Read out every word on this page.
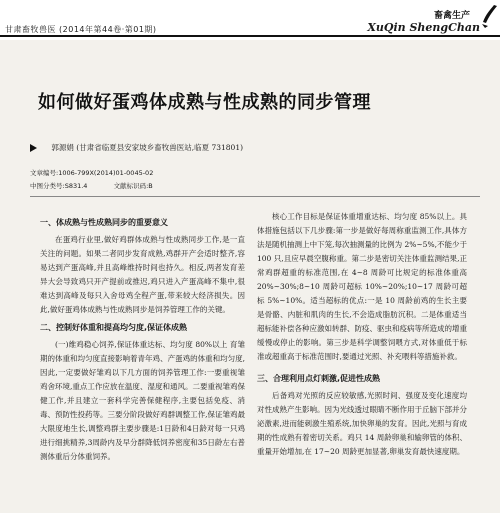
甘肃畜牧兽医 (2014年第44卷·第01期)
畜禽生产
XuQin ShengChan
如何做好蛋鸡体成熟与性成熟的同步管理
郭源娟 (甘肃省临夏县安家坡乡畜牧兽医站,临夏 731801)
文章编号:1006-799X(2014)01-0045-02
中图分类号:S831.4	文献标识码:B
一、体成熟与性成熟同步的重要意义

在蛋鸡行业里,做好鸡群体成熟与性成熟同步工作,是一直关注的问题。如果二者同步发育成熟,鸡群开产会适时整齐,容易达到产蛋高峰,并且高峰维持时间也持久。相反,两者发育差异大会导致鸡只开产提前或推迟,鸡只进入产蛋高峰不集中,很难达到高峰及每只入舍母鸡全程产蛋,带来较大经济损失。因此,做好蛋鸡体成熟与性成熟同步是饲养管理工作的关键。

二、控制好体重和提高均匀度,保证体成熟

(一)维鸡稳心饲养,保证体重达标、均匀度 80%以上 育雏期的体重和均匀度直接影响着青年鸡、产蛋鸡的体重和均匀度,因此,一定要做好雏鸡以下几方面的饲养管理工作:一要重视雏鸡舍环境,重点工作应放在温度、湿度和通风。二要重视雏鸡保健工作,并且建立一套科学完善保健程序,主要包括免疫、消毒、预防性投药等。三要分阶段做好鸡群调整工作,保证雏鸡最大限度地生长,调整鸡群主要步骤是:1日龄和4日龄对每一只鸡进行细挑精养,3周龄内及早分群降低饲养密度和35日龄左右普测体重后分体重饲养。

核心工作目标是保证体重增重达标、均匀度 85%以上。具体措施包括以下几步骤:第一步是做好每周称重监测工作,具体方法是随机抽测上中下笼,每次抽测量的比例为 2%~5%,不能少于 100 只,且应早晨空腹称重。第二步是密切关注体重监测结果,正常鸡群超重的标准范围,在 4~8 周龄可比规定的标准体重高 20%~30%;8~10 周龄可超标 10%~20%;10~17 周龄可超标 5%~10%。适当超标的优点:一是 10 周龄前鸡的生长主要是骨骼、内脏和肌肉的生长,不会造成脂肪沉积。二是体重适当超标能补偿各种应激如转群、防疫、驱虫和疫病等所造成的增重缓慢或停止的影响。第三步是科学调整饲喂方式,对体重低于标准或超重高于标准范围时,要通过光照、补充喂料等措施补救。

三、合理利用点灯刺激,促进性成熟

后备鸡对光照的反应较敏感,光照时间、强度及变化速度均对性成熟产生影响。因为光线透过眼睛不断作用于丘脑下部并分泌激素,进而能刺激生殖系统,加快卵巢的发育。因此,光照与育成期的性成熟有着密切关系。鸡只 14 周龄卵巢和输卵管的体积、重量开始增加,在 17~20 周龄更加显著,卵巢发育最快速度期。
